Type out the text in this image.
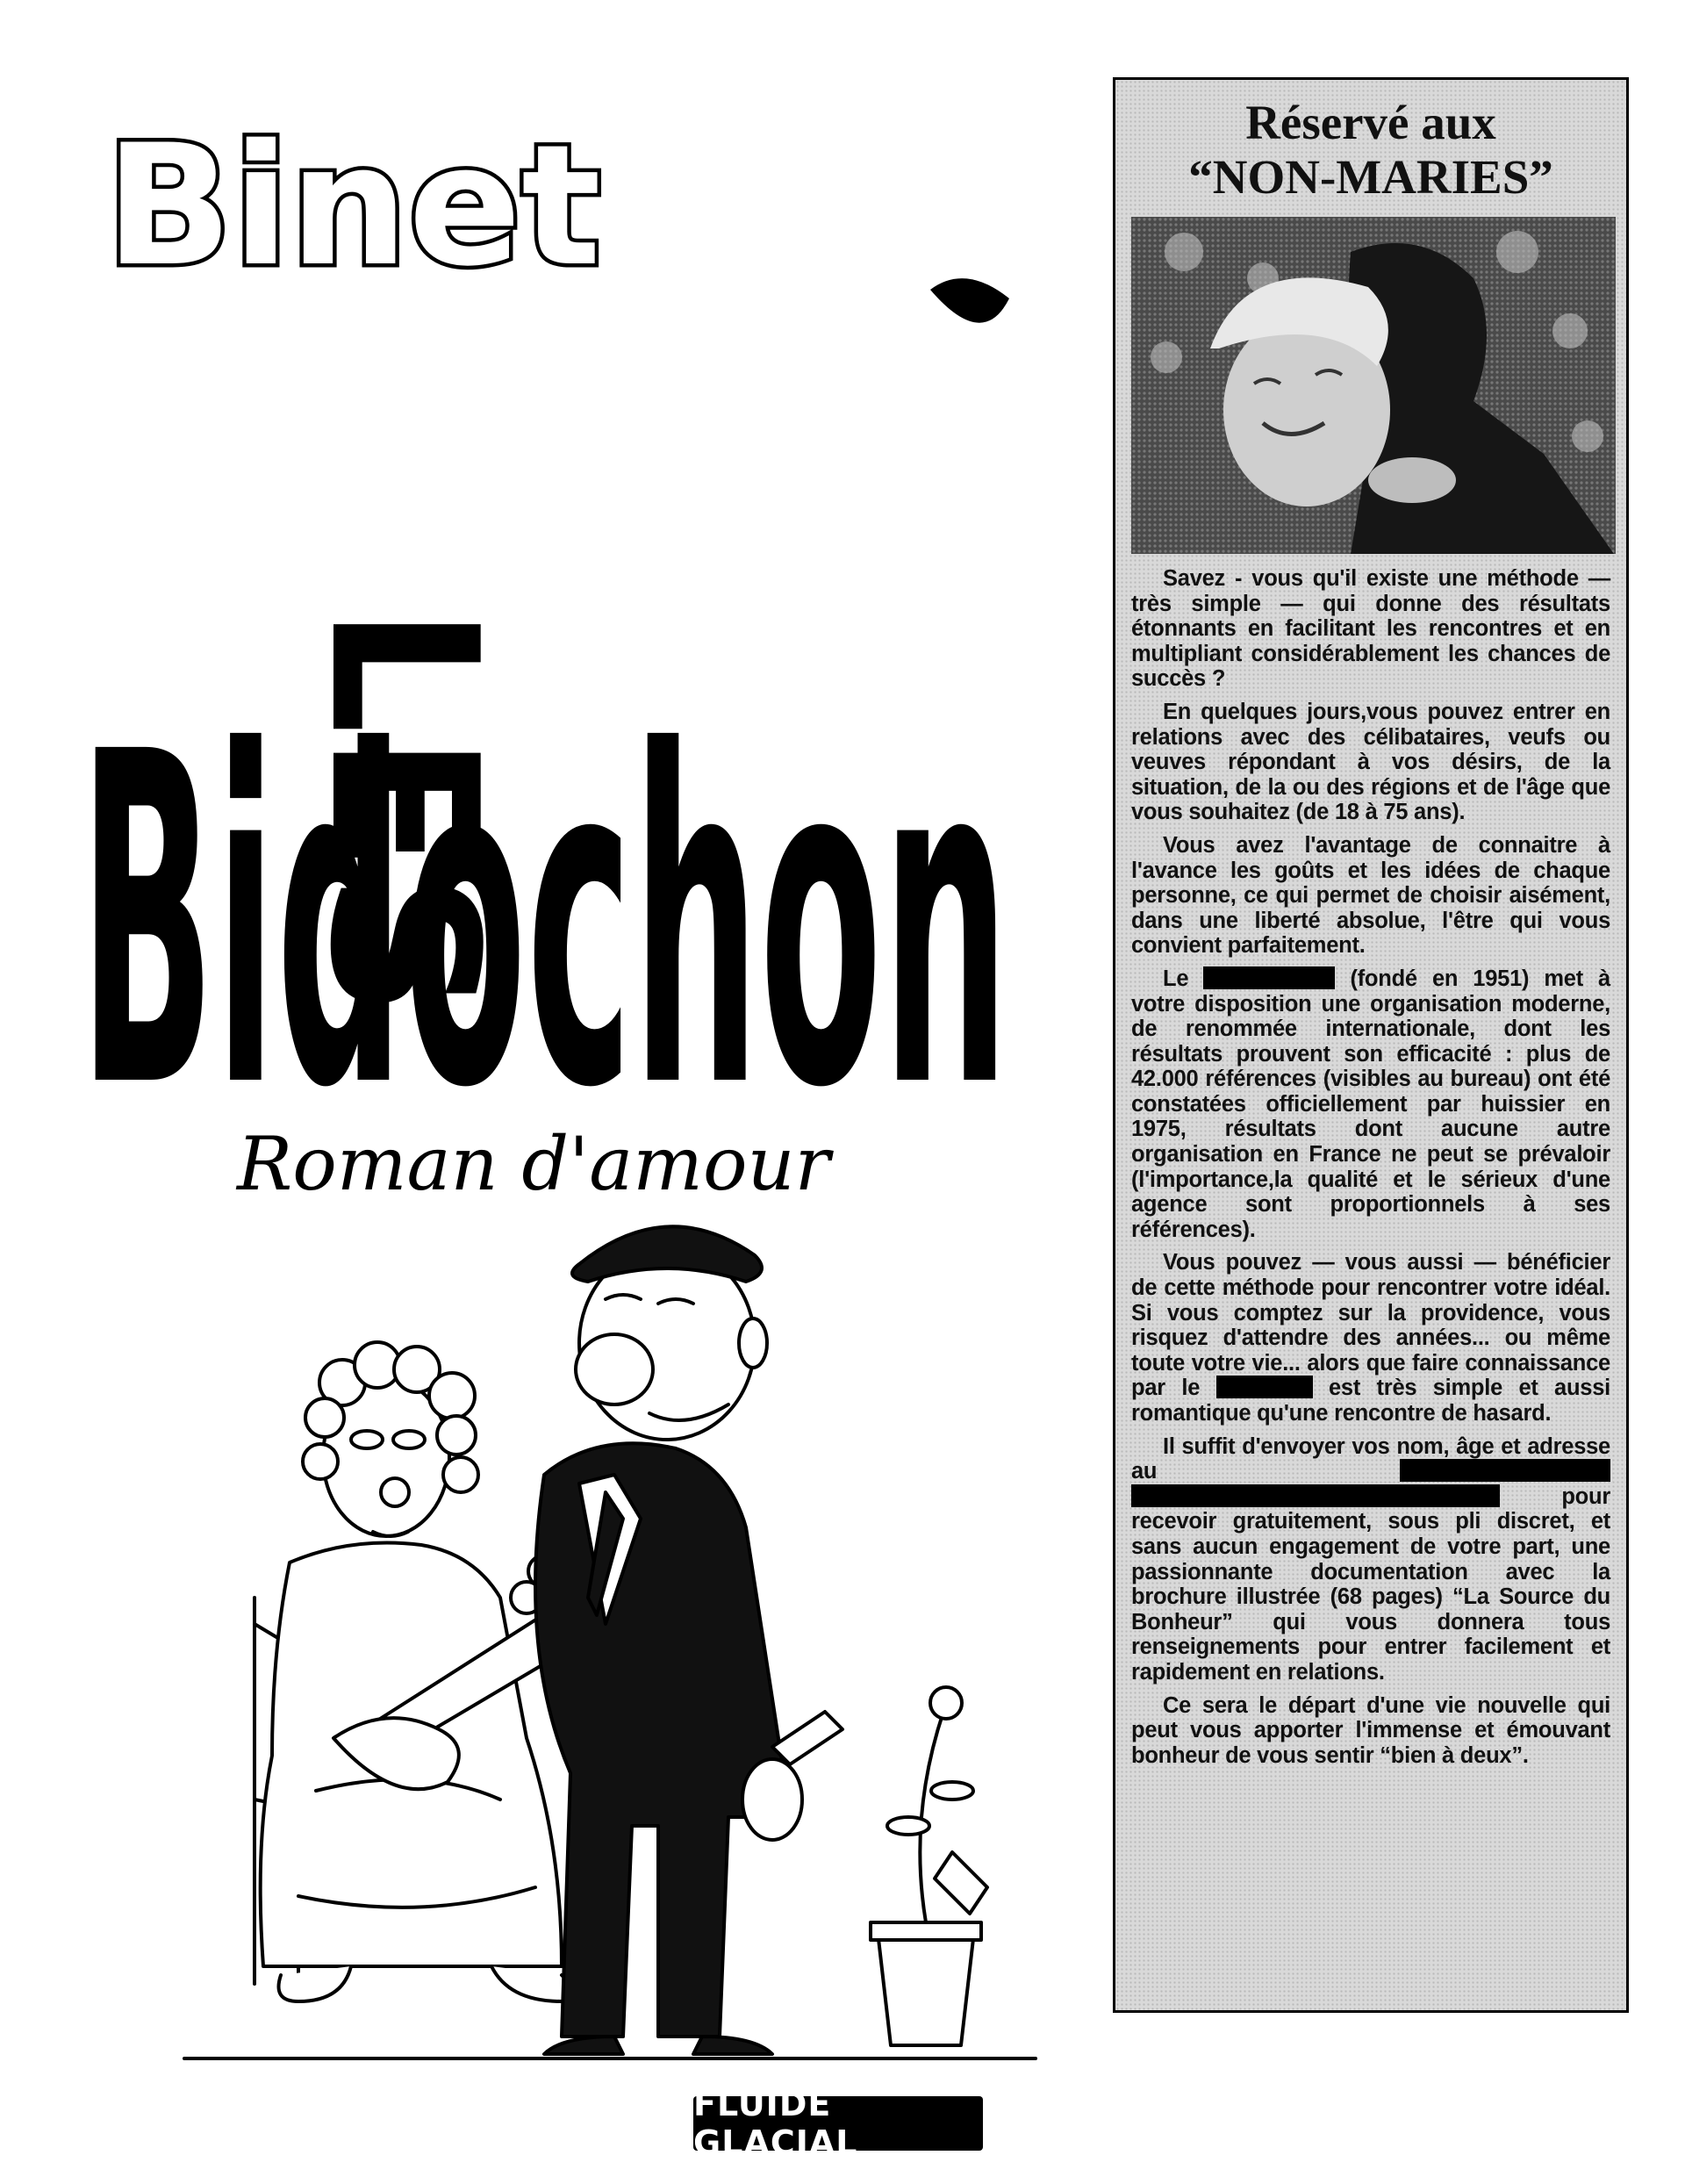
Binet
LES
Bidochon
Roman d'amour
FLUIDE GLACIAL
Réservé aux
“NON-MARIES”

Savez - vous qu'il existe une méthode — très simple — qui donne des résultats étonnants en facilitant les rencontres et en multipliant considérablement les chances de succès ?

En quelques jours,vous pouvez entrer en relations avec des célibataires, veufs ou veuves répondant à vos désirs, de la situation, de la ou des régions et de l'âge que vous souhaitez (de 18 à 75 ans).

Vous avez l'avantage de connaitre à l'avance les goûts et les idées de chaque personne, ce qui permet de choisir aisément, dans une liberté absolue, l'être qui vous convient parfaitement.

Le	(fondé en 1951) met à votre disposition une organisation moderne, de renommée internationale, dont les résultats prouvent son efficacité : plus de 42.000 références (visibles au bureau) ont été constatées officiellement par huissier en 1975, résultats dont aucune autre organisation en France ne peut se prévaloir (l'importance,la qualité et le sérieux d'une agence sont proportionnels à ses références).

Vous pouvez — vous aussi — bénéficier de cette méthode pour rencontrer votre idéal. Si vous comptez sur la providence, vous risquez d'attendre des années... ou même toute votre vie... alors que faire connaissance par le	est très simple et aussi romantique qu'une rencontre de hasard.

Il suffit d'envoyer vos nom, âge et adresse au  pour recevoir gratuitement, sous pli discret, et sans aucun engagement de votre part, une passionnante documentation avec la brochure illustrée (68 pages) “La Source du Bonheur” qui vous donnera tous renseignements pour entrer facilement et rapidement en relations.

Ce sera le départ d'une vie nouvelle qui peut vous apporter l'immense et émouvant bonheur de vous sentir “bien à deux”.
